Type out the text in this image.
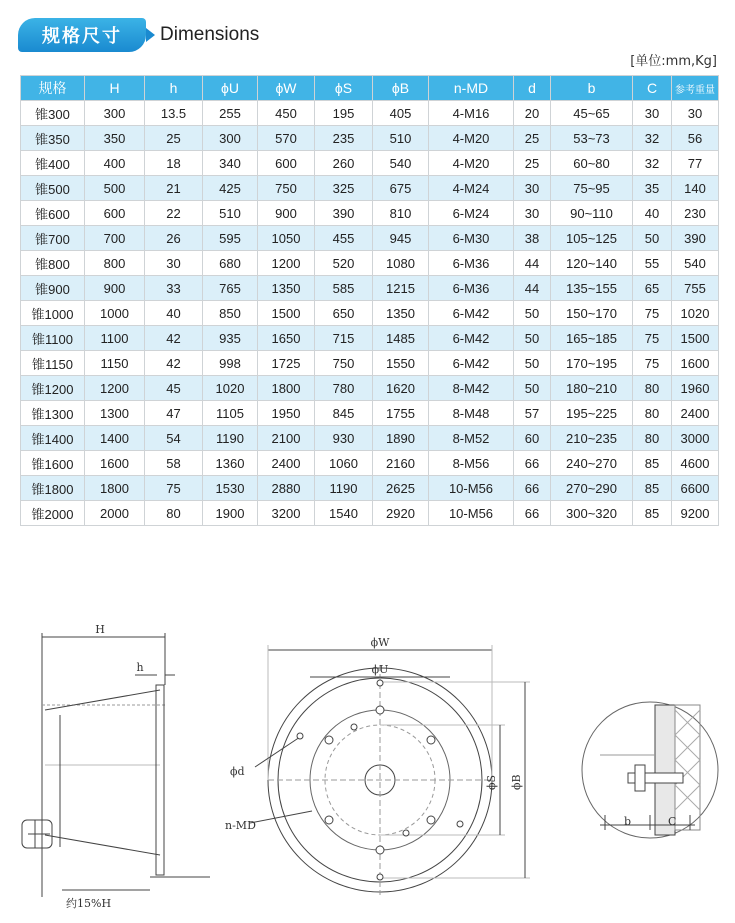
规格尺寸	Dimensions
[单位:mm,Kg]
规格	H	h	ϕU	ϕW	ϕS	ϕB	n-MD	d	b	C	参考重量
锥300	300	13.5	255	450	195	405	4-M16	20	45~65	30	30
锥350	350	25	300	570	235	510	4-M20	25	53~73	32	56
锥400	400	18	340	600	260	540	4-M20	25	60~80	32	77
锥500	500	21	425	750	325	675	4-M24	30	75~95	35	140
锥600	600	22	510	900	390	810	6-M24	30	90~110	40	230
锥700	700	26	595	1050	455	945	6-M30	38	105~125	50	390
锥800	800	30	680	1200	520	1080	6-M36	44	120~140	55	540
锥900	900	33	765	1350	585	1215	6-M36	44	135~155	65	755
锥1000	1000	40	850	1500	650	1350	6-M42	50	150~170	75	1020
锥1100	1100	42	935	1650	715	1485	6-M42	50	165~185	75	1500
锥1150	1150	42	998	1725	750	1550	6-M42	50	170~195	75	1600
锥1200	1200	45	1020	1800	780	1620	8-M42	50	180~210	80	1960
锥1300	1300	47	1105	1950	845	1755	8-M48	57	195~225	80	2400
锥1400	1400	54	1190	2100	930	1890	8-M52	60	210~235	80	3000
锥1600	1600	58	1360	2400	1060	2160	8-M56	66	240~270	85	4600
锥1800	1800	75	1530	2880	1190	2625	10-M56	66	270~290	85	6600
锥2000	2000	80	1900	3200	1540	2920	10-M56	66	300~320	85	9200
H
h
约15%H
ϕW
ϕU
ϕd
n-MD
ϕS ϕB
b	C
